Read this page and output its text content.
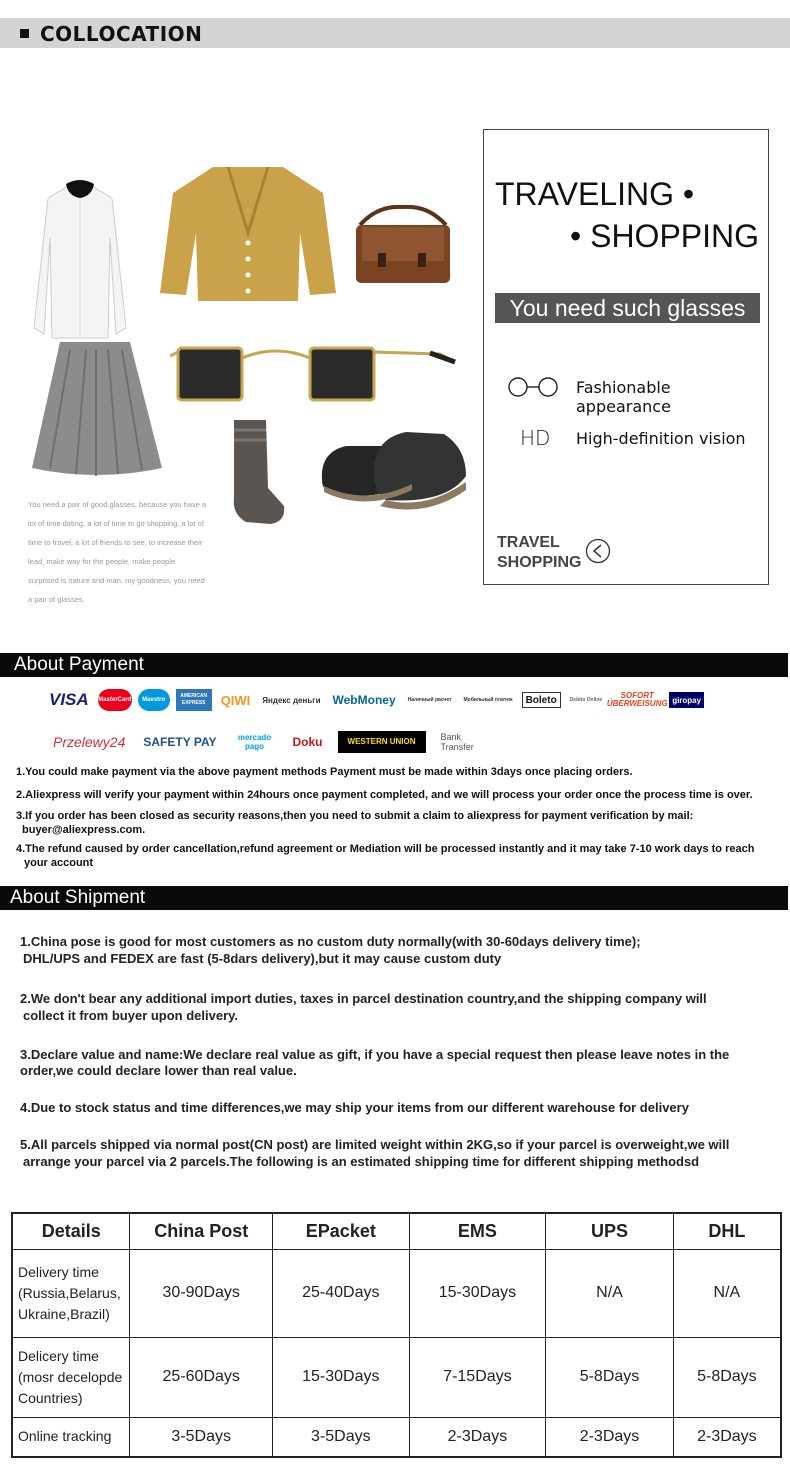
COLLOCATION
You need a pair of good glasses, because you have a lot of time dating, a lot of time to go shopping, a lot of time to travel, a lot of friends to see, to increase their lead, make way for the people, make people surprised is nature and man, my goodness, you need a pair of glasses.
TRAVELING •
• SHOPPING
You need such glasses
Fashionable appearance
HD High-definition vision
TRAVEL
SHOPPING
About Payment
VISA	MasterCard	Maestro
AMERICAN EXPRESS	QIWI	Яндекс деньги WebMoney	Наличный расчет	Мобильный платеж	Boleto	Debito Online	SOFORT ÜBERWEISUNG giropay
Przelewy24 SAFETY PAY	mercado pago	Doku	WESTERN UNION	Bank Transfer
1.You could make payment via the above payment methods Payment must be made within 3days once placing orders.
2.Aliexpress will verify your payment within 24hours once payment completed, and we will process your order once the process time is over.
3.If you order has been closed as security reasons,then you need to submit a claim to aliexpress for payment verification by mail:
buyer@aliexpress.com.
4.The refund caused by order cancellation,refund agreement or Mediation will be processed instantly and it may take 7-10 work days to reach
your account
About Shipment
1.China pose is good for most customers as no custom duty normally(with 30-60days delivery time);
DHL/UPS and FEDEX are fast (5-8dars delivery),but it may cause custom duty
2.We don't bear any additional import duties, taxes in parcel destination country,and the shipping company will
collect it from buyer upon delivery.
3.Declare value and name:We declare real value as gift, if you have a special request then please leave notes in the
order,we could declare lower than real value.
4.Due to stock status and time differences,we may ship your items from our different warehouse for delivery
5.All parcels shipped via normal post(CN post) are limited weight within 2KG,so if your parcel is overweight,we will
arrange your parcel via 2 parcels.The following is an estimated shipping time for different shipping methodsd
Details	China Post	EPacket	EMS	UPS	DHL

Delivery time
(Russia,Belarus,
Ukraine,Brazil)	30-90Days	25-40Days	15-30Days	N/A	N/A

Delicery time
(mosr decelopde
Countries)	25-60Days	15-30Days	7-15Days	5-8Days	5-8Days

Online tracking	3-5Days	3-5Days	2-3Days	2-3Days	2-3Days
